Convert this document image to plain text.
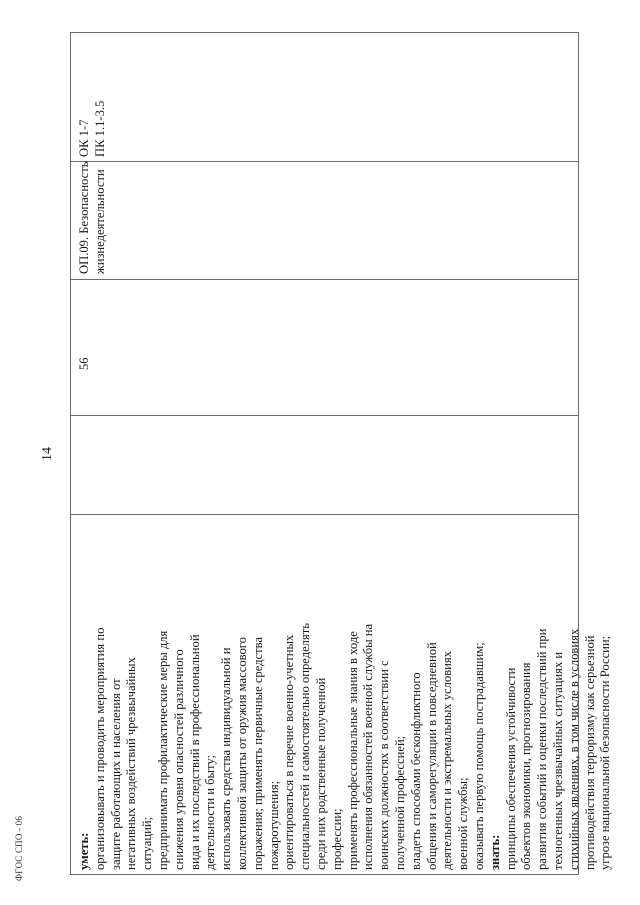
14
ОК 1-7 ПК 1.1-3.5
ОП.09. Безопасность жизнедеятельности
56
уметь: организовывать и проводить мероприятия по защите работающих и населения от негативных воздействий чрезвычайных ситуаций; предпринимать профилактические меры для снижения уровня опасностей различного вида и их последствий в профессиональной деятельности и быту; использовать средства индивидуальной и коллективной защиты от оружия массового поражения; применять первичные средства пожаротушения; ориентироваться в перечне военно-учетных специальностей и самостоятельно определять среди них родственные полученной профессии; применять профессиональные знания в ходе исполнения обязанностей военной службы на воинских должностях в соответствии с полученной профессией; владеть способами бесконфликтного общения и саморегуляции в повседневной деятельности и экстремальных условиях военной службы; оказывать первую помощь пострадавшим; знать: принципы обеспечения устойчивости объектов экономики, прогнозирования развития событий и оценки последствий при техногенных чрезвычайных ситуациях и стихийных явлениях, в том числе в условиях противодействия терроризму как серьезной угрозе национальной безопасности России;
ФГОС СПО - 06
